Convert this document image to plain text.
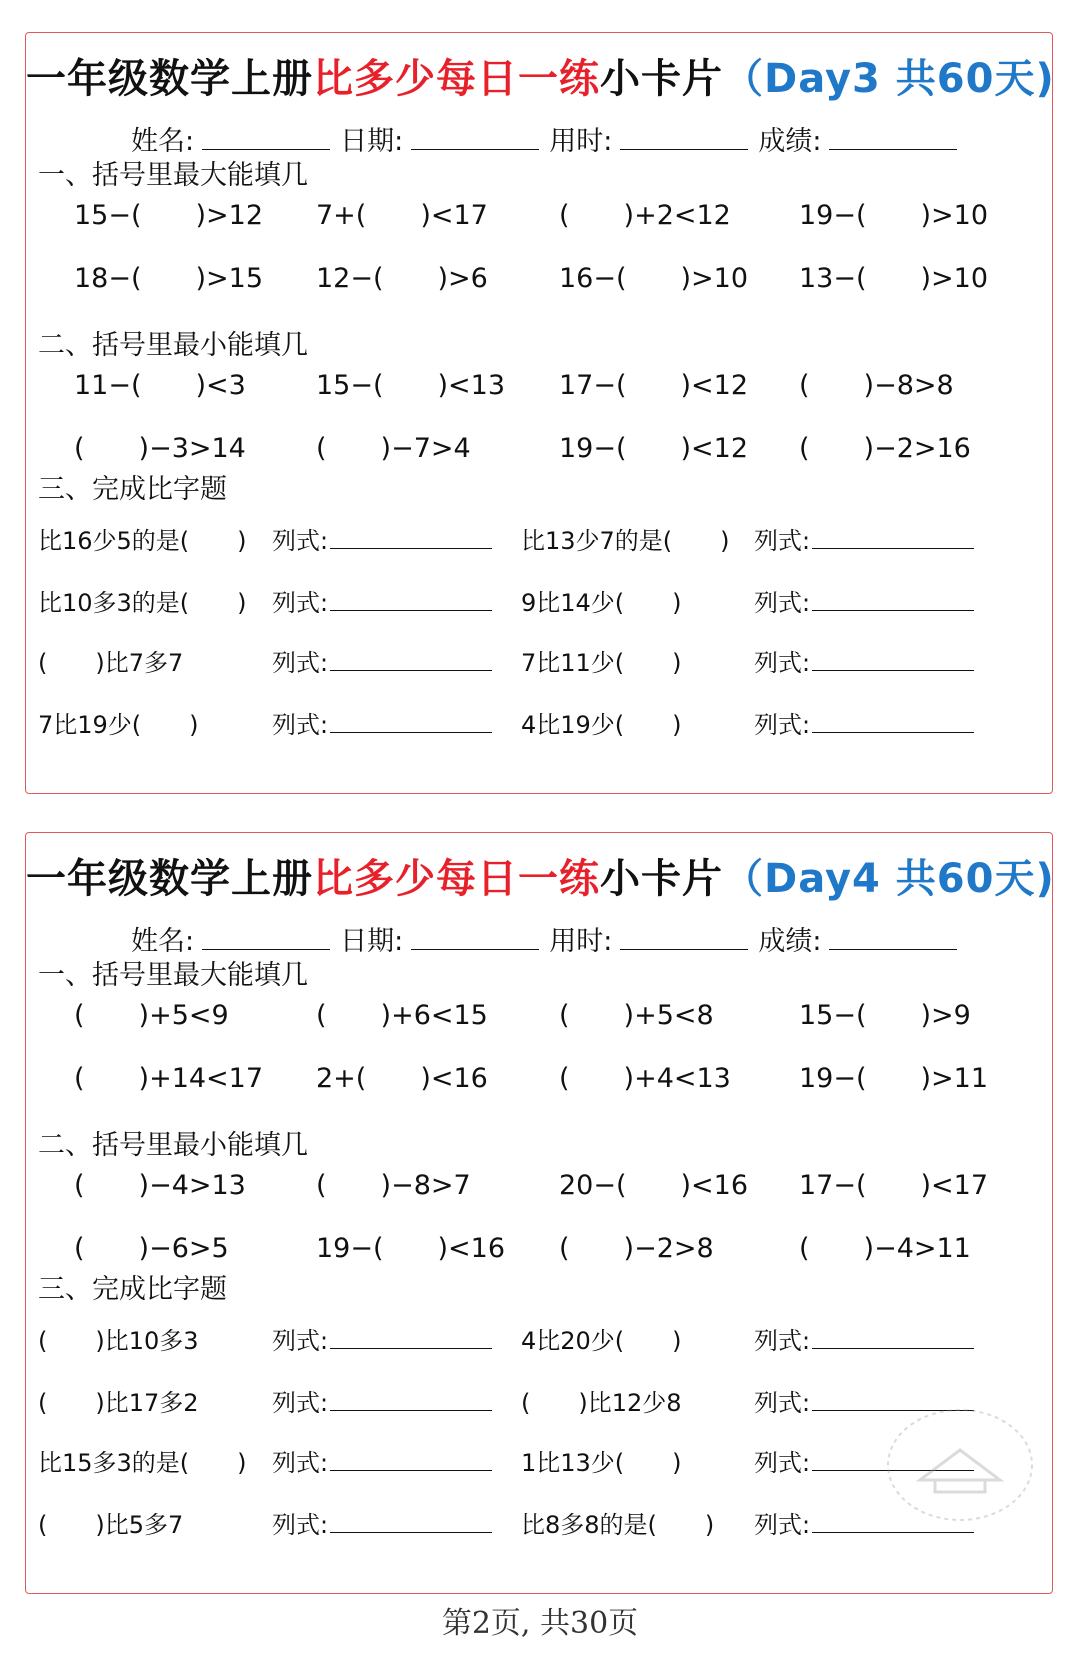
一年级数学上册比多少每日一练小卡片（Day3 共60天)
姓名:	日期:	用时:	成绩:
一、括号里最大能填几
15−(　　)>12 7+(　　)<17	(　　)+2<12	19−(　　)>10
18−(　　)>15 12−(　　)>6	16−(　　)>10 13−(　　)>10
二、括号里最小能填几
11−(　　)<3	15−(　　)<13 17−(　　)<12 (　　)−8>8
(　　)−3>14	(　　)−7>4	19−(　　)<12 (　　)−2>16
三、完成比字题
比16少5的是(　　) 列式:	比13少7的是(　　) 列式:
比10多3的是(　　) 列式:	9比14少(　　)	列式:
(　　)比7多7	列式:	7比11少(　　)	列式:
7比19少(　　)	列式:	4比19少(　　)	列式:
一年级数学上册比多少每日一练小卡片（Day4 共60天)
姓名:	日期:	用时:	成绩:
一、括号里最大能填几
(　　)+5<9	(　　)+6<15	(　　)+5<8	15−(　　)>9
(　　)+14<17 2+(　　)<16	(　　)+4<13	19−(　　)>11
二、括号里最小能填几
(　　)−4>13	(　　)−8>7	20−(　　)<16 17−(　　)<17
(　　)−6>5	19−(　　)<16 (　　)−2>8	(　　)−4>11
三、完成比字题
(　　)比10多3	列式:	4比20少(　　)	列式:
(　　)比17多2	列式:	(　　)比12少8	列式:
比15多3的是(　　) 列式:	1比13少(　　)	列式:
(　　)比5多7	列式:	比8多8的是(　　) 列式:
第2页, 共30页
